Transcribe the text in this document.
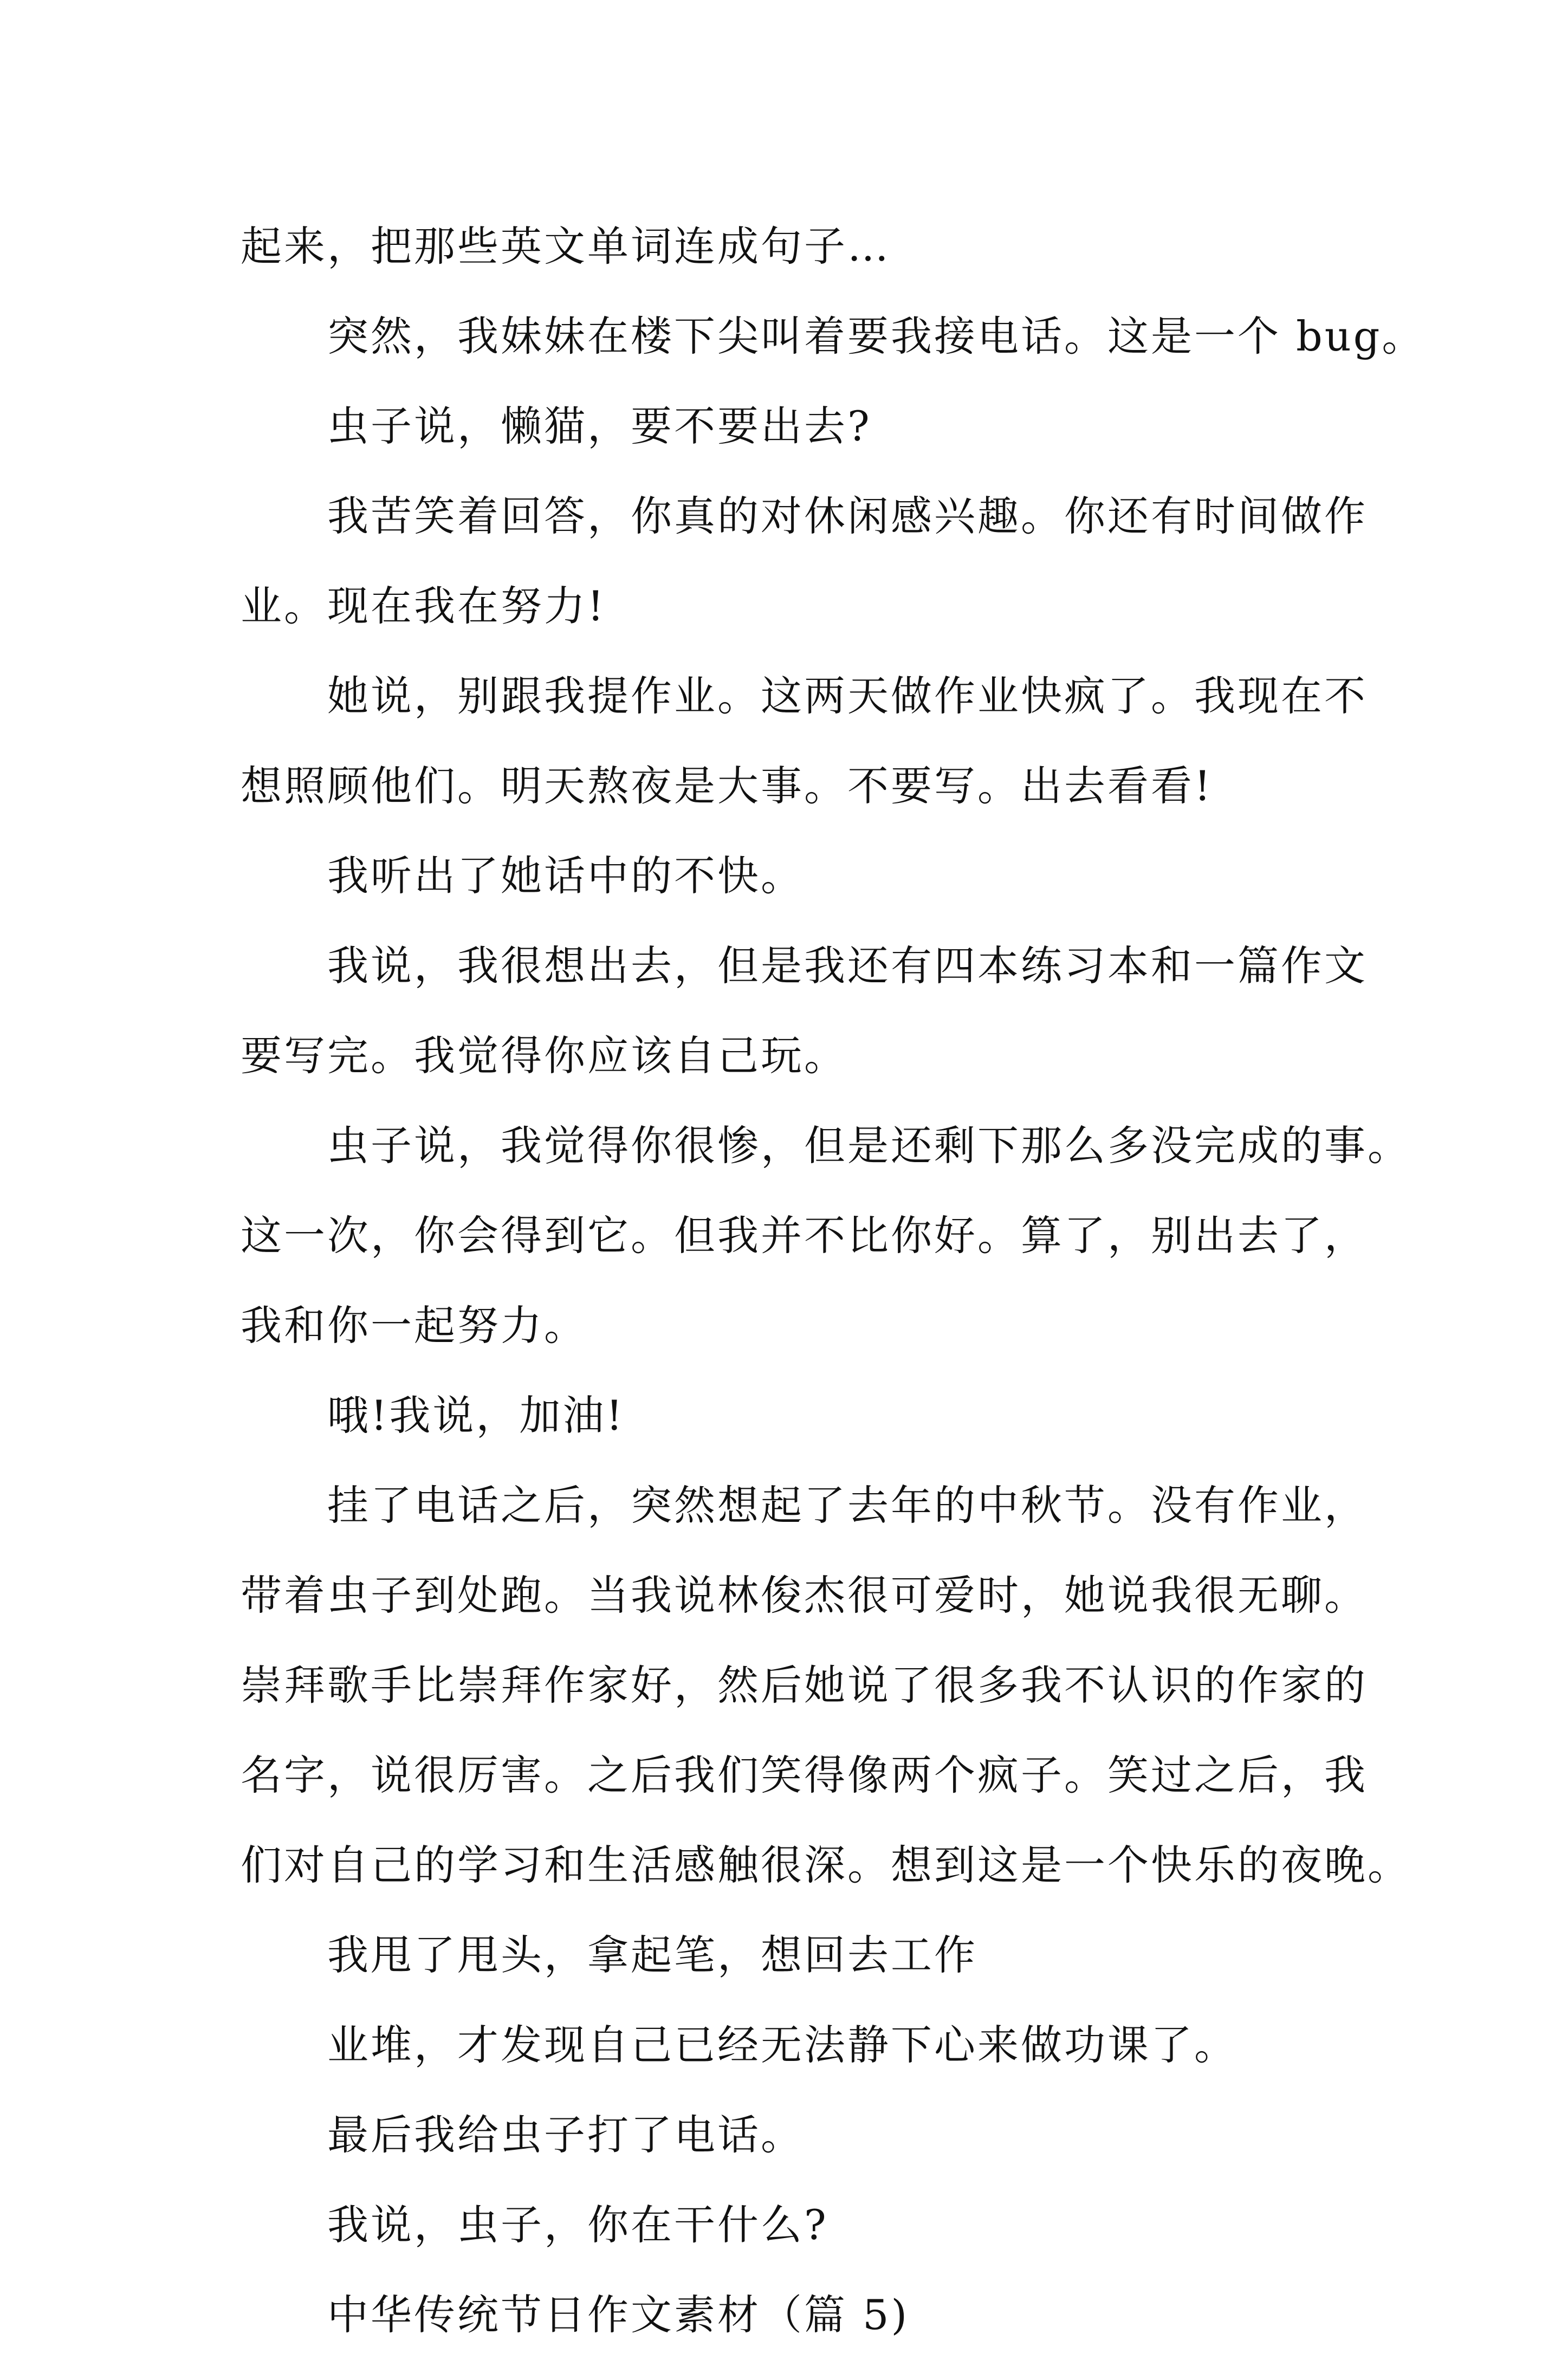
起来，把那些英文单词连成句子…
突然，我妹妹在楼下尖叫着要我接电话。这是一个 bug。
虫子说，懒猫，要不要出去?
我苦笑着回答，你真的对休闲感兴趣。你还有时间做作
业。现在我在努力!
她说，别跟我提作业。这两天做作业快疯了。我现在不
想照顾他们。明天熬夜是大事。不要写。出去看看!
我听出了她话中的不快。
我说，我很想出去，但是我还有四本练习本和一篇作文
要写完。我觉得你应该自己玩。
虫子说，我觉得你很惨，但是还剩下那么多没完成的事。
这一次，你会得到它。但我并不比你好。算了，别出去了，
我和你一起努力。
哦!我说，加油!
挂了电话之后，突然想起了去年的中秋节。没有作业，
带着虫子到处跑。当我说林俊杰很可爱时，她说我很无聊。
崇拜歌手比崇拜作家好，然后她说了很多我不认识的作家的
名字，说很厉害。之后我们笑得像两个疯子。笑过之后，我
们对自己的学习和生活感触很深。想到这是一个快乐的夜晚。
我甩了甩头，拿起笔，想回去工作
业堆，才发现自己已经无法静下心来做功课了。
最后我给虫子打了电话。
我说，虫子，你在干什么?
中华传统节日作文素材（篇 5)
